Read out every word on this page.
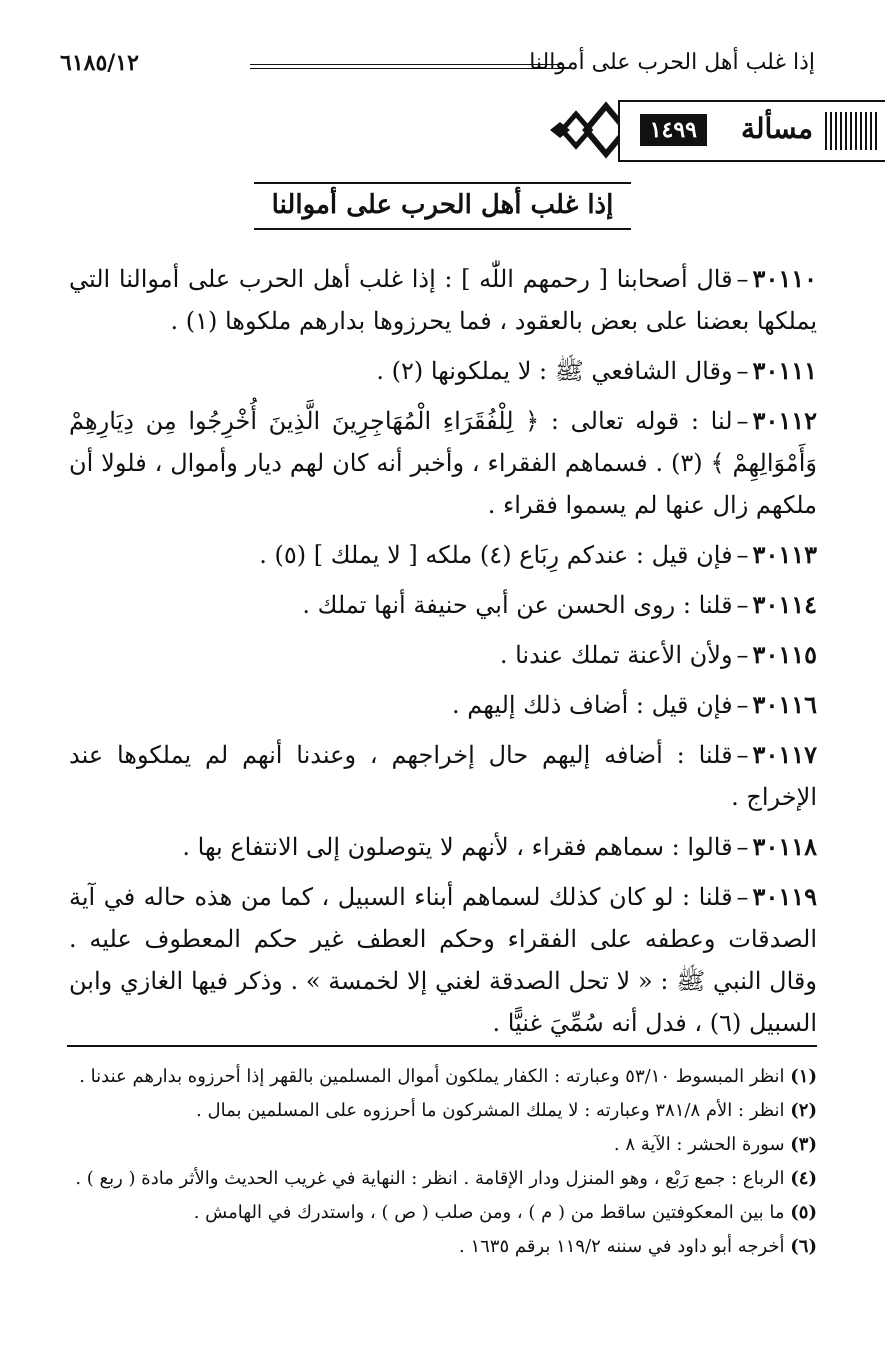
إذا غلب أهل الحرب على أموالنا
٦١٨٥/١٢
مسألة
١٤٩٩
إذا غلب أهل الحرب على أموالنا

٣٠١١٠–قال أصحابنا [ رحمهم اللّٰه ] : إذا غلب أهل الحرب على أموالنا التي يملكها بعضنا على بعض بالعقود ، فما يحرزوها بدارهم ملكوها (١) .

٣٠١١١–وقال الشافعي ﷺ : لا يملكونها (٢) .

٣٠١١٢–لنا : قوله تعالى : ﴿ لِلْفُقَرَاءِ الْمُهَاجِرِينَ الَّذِينَ أُخْرِجُوا مِن دِيَارِهِمْ وَأَمْوَالِهِمْ ﴾ (٣) . فسماهم الفقراء ، وأخبر أنه كان لهم ديار وأموال ، فلولا أن ملكهم زال عنها لم يسموا فقراء .

٣٠١١٣–فإن قيل : عندكم رِبَاع (٤) ملكه [ لا يملك ] (٥) .

٣٠١١٤–قلنا : روى الحسن عن أبي حنيفة أنها تملك .

٣٠١١٥–ولأن الأعنة تملك عندنا .

٣٠١١٦–فإن قيل : أضاف ذلك إليهم .

٣٠١١٧–قلنا : أضافه إليهم حال إخراجهم ، وعندنا أنهم لم يملكوها عند الإخراج .

٣٠١١٨–قالوا : سماهم فقراء ، لأنهم لا يتوصلون إلى الانتفاع بها .

٣٠١١٩–قلنا : لو كان كذلك لسماهم أبناء السبيل ، كما من هذه حاله في آية الصدقات وعطفه على الفقراء وحكم العطف غير حكم المعطوف عليه . وقال النبي ﷺ : « لا تحل الصدقة لغني إلا لخمسة » . وذكر فيها الغازي وابن السبيل (٦) ، فدل أنه سُمِّيَ غنيًّا .

(١) انظر المبسوط ٥٣/١٠ وعبارته : الكفار يملكون أموال المسلمين بالقهر إذا أحرزوه بدارهم عندنا .

(٢) انظر : الأم ٣٨١/٨ وعبارته : لا يملك المشركون ما أحرزوه على المسلمين بمال .

(٣) سورة الحشر : الآية ٨ .

(٤) الرباع : جمع رَبْع ، وهو المنزل ودار الإقامة . انظر : النهاية في غريب الحديث والأثر مادة ( ربع ) .

(٥) ما بين المعكوفتين ساقط من ( م ) ، ومن صلب ( ص ) ، واستدرك في الهامش .

(٦) أخرجه أبو داود في سننه ١١٩/٢ برقم ١٦٣٥ .
